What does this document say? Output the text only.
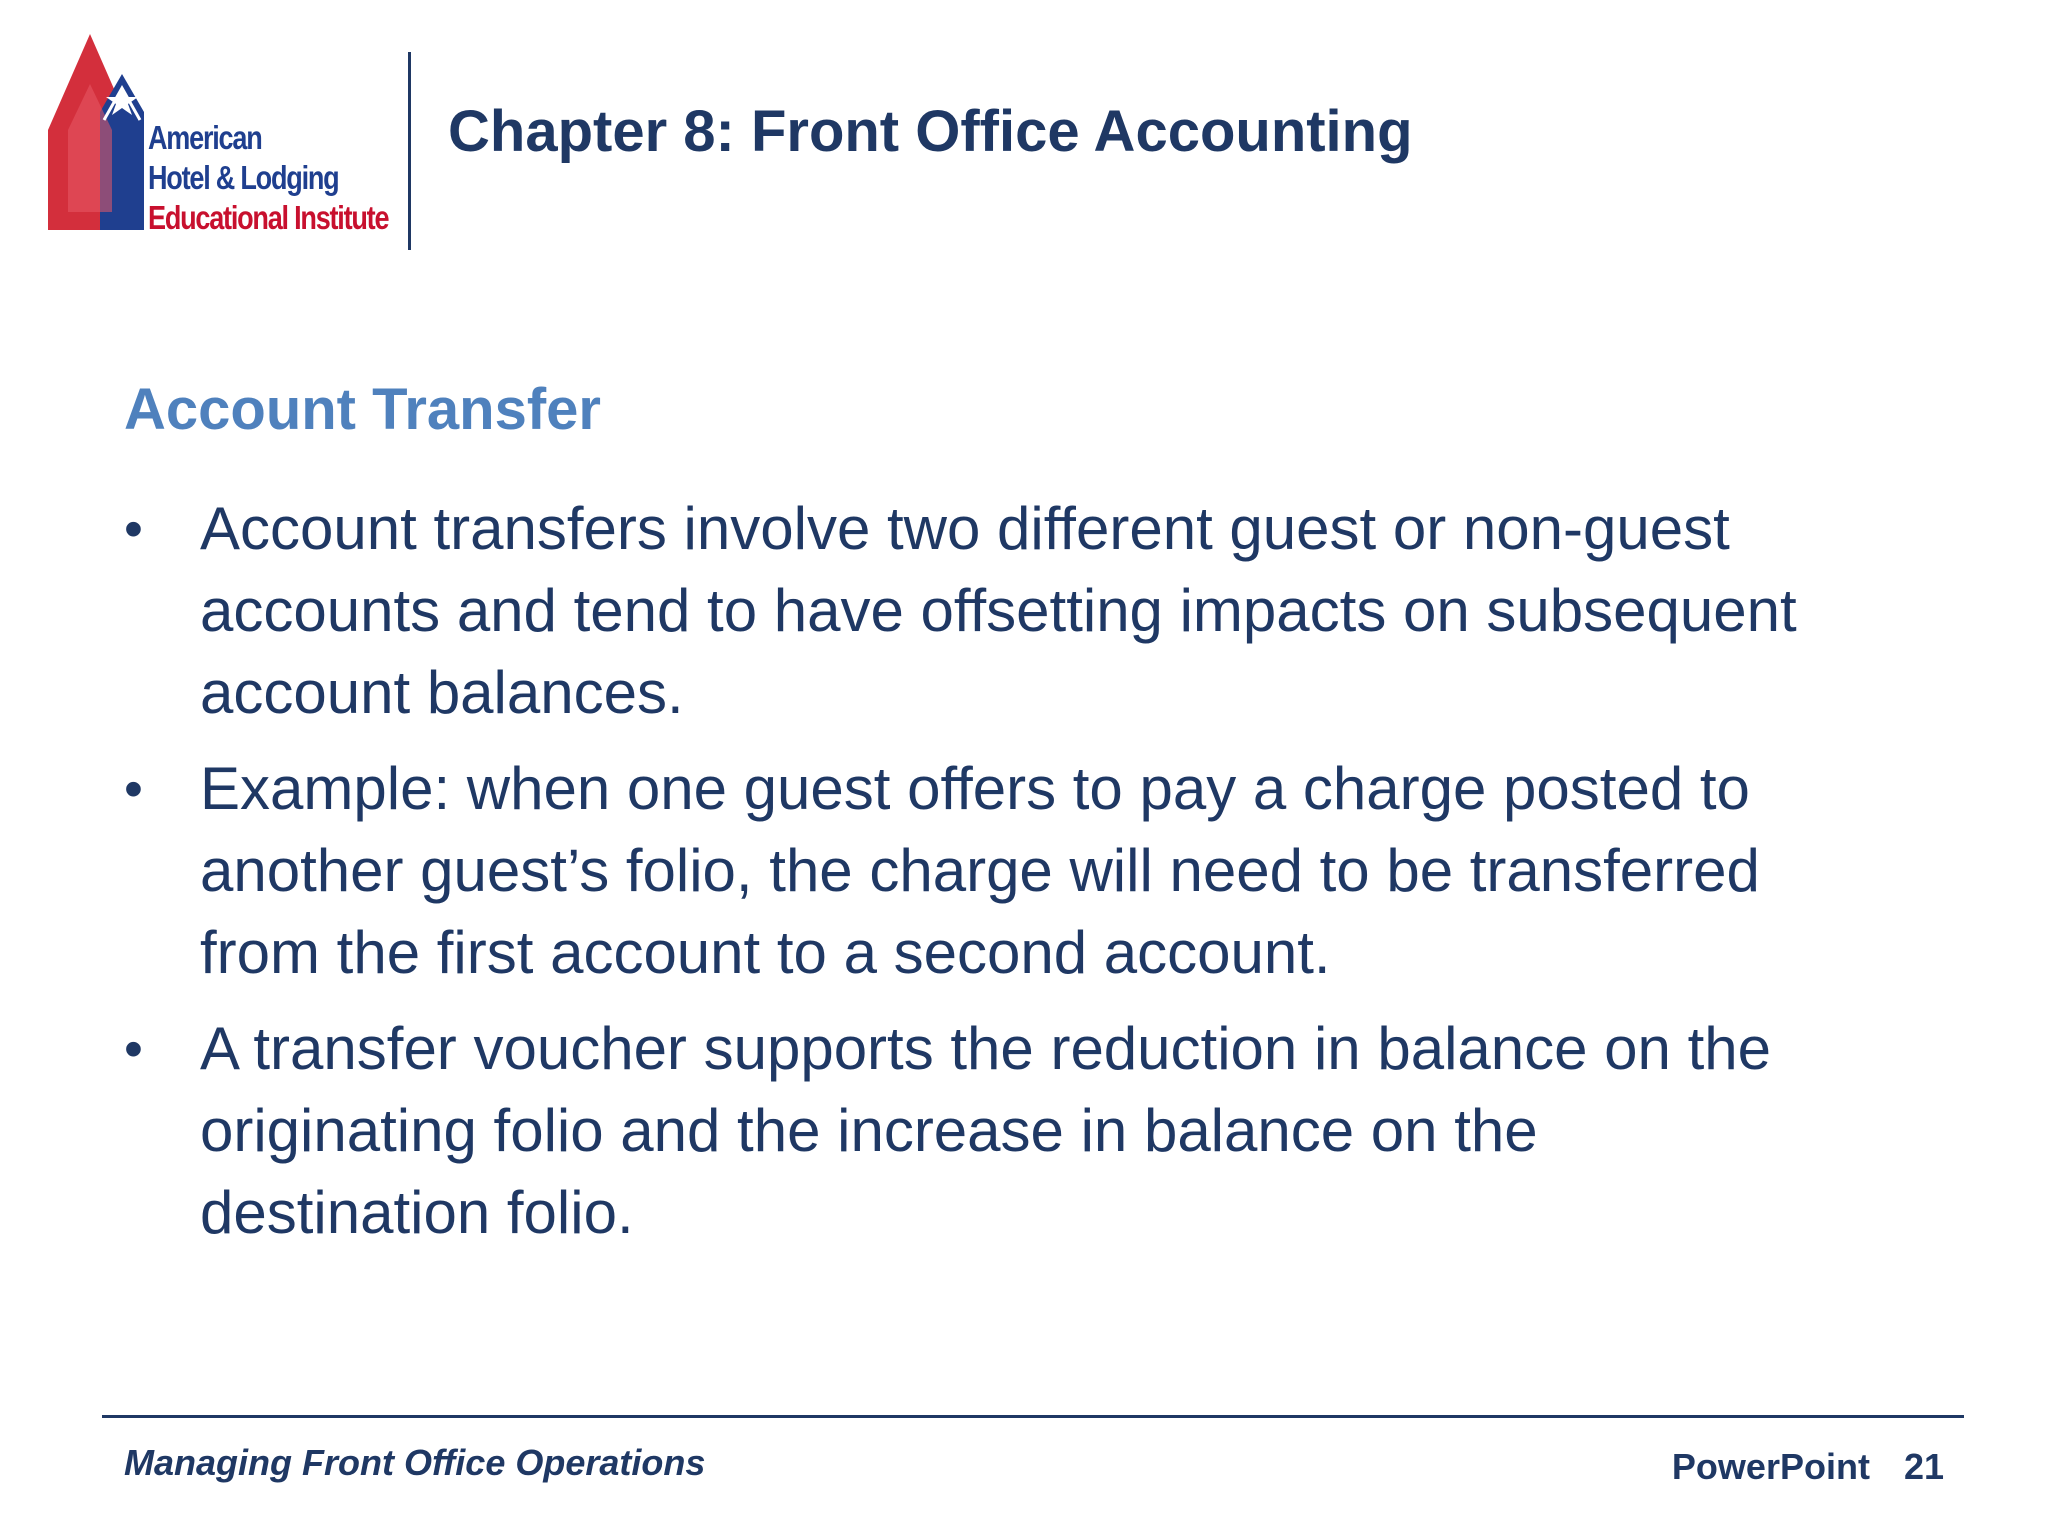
American
Hotel & Lodging
Educational Institute
Chapter 8: Front Office Accounting
Account Transfer
• Account transfers involve two different guest or non-guest
accounts and tend to have offsetting impacts on subsequent
account balances.
• Example: when one guest offers to pay a charge posted to
another guest’s folio, the charge will need to be transferred
from the first account to a second account.
• A transfer voucher supports the reduction in balance on the
originating folio and the increase in balance on the
destination folio.
Managing Front Office Operations	PowerPoint 21
